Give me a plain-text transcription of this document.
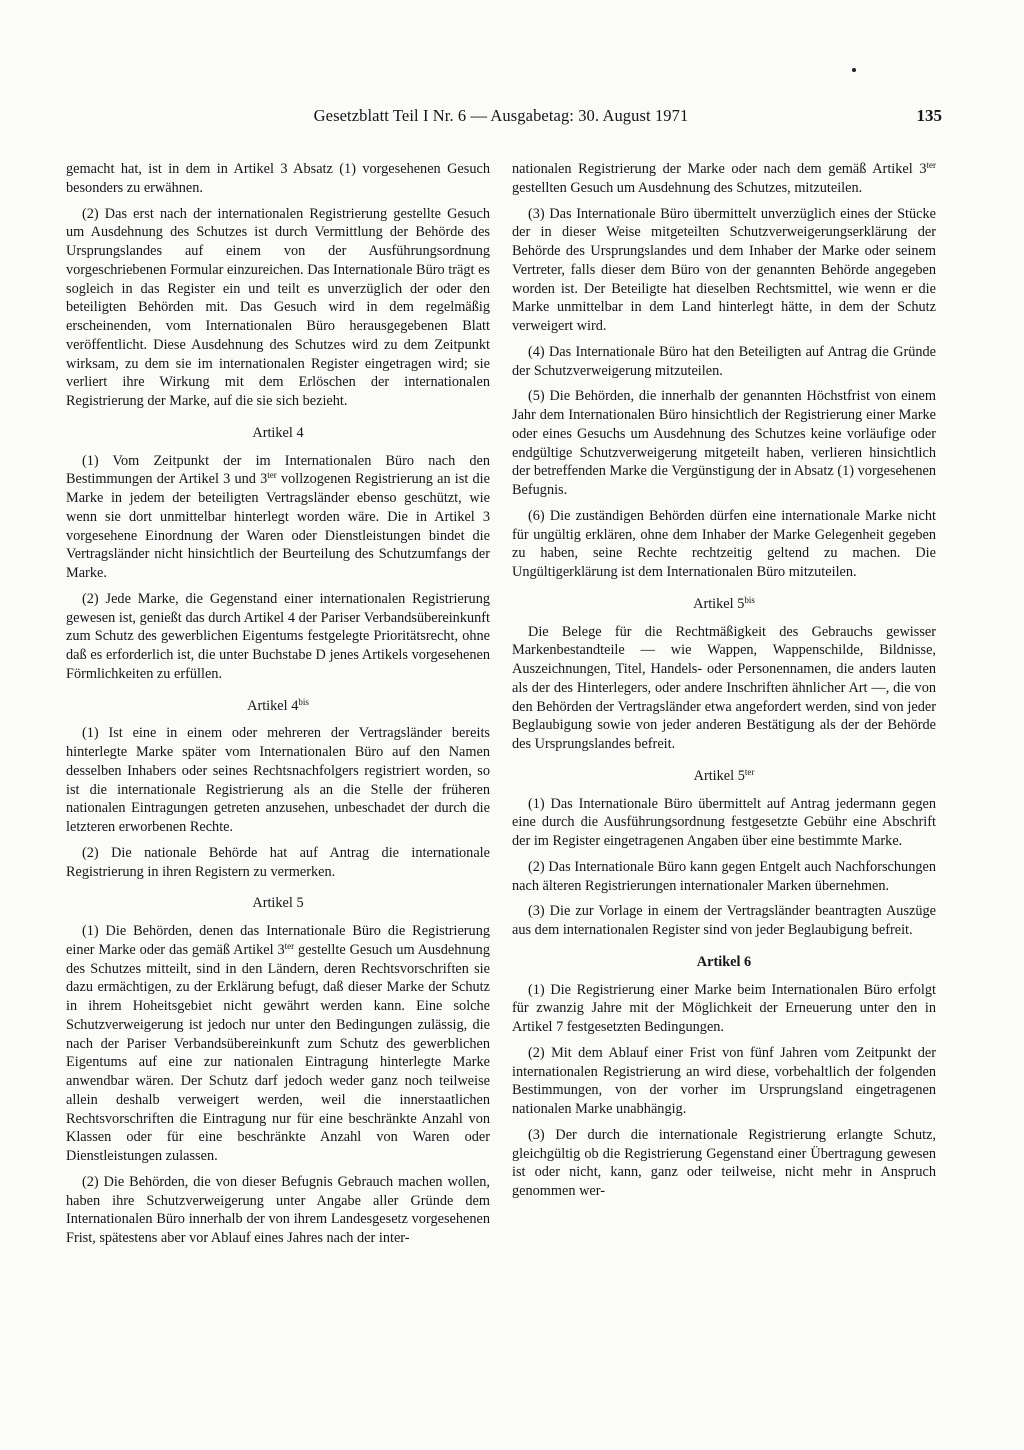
Gesetzblatt Teil I Nr. 6 — Ausgabetag: 30. August 1971	135

gemacht hat, ist in dem in Artikel 3 Absatz (1) vorgesehenen Gesuch besonders zu erwähnen.

(2) Das erst nach der internationalen Registrierung gestellte Gesuch um Ausdehnung des Schutzes ist durch Vermittlung der Behörde des Ursprungslandes auf einem von der Ausführungsordnung vorgeschriebenen Formular einzureichen. Das Internationale Büro trägt es sogleich in das Register ein und teilt es unverzüglich der oder den beteiligten Behörden mit. Das Gesuch wird in dem regelmäßig erscheinenden, vom Internationalen Büro herausgegebenen Blatt veröffentlicht. Diese Ausdehnung des Schutzes wird zu dem Zeitpunkt wirksam, zu dem sie im internationalen Register eingetragen wird; sie verliert ihre Wirkung mit dem Erlöschen der internationalen Registrierung der Marke, auf die sie sich bezieht.

Artikel 4

(1) Vom Zeitpunkt der im Internationalen Büro nach den Bestimmungen der Artikel 3 und $3^{ter}$ vollzogenen Registrierung an ist die Marke in jedem der beteiligten Vertragsländer ebenso geschützt, wie wenn sie dort unmittelbar hinterlegt worden wäre. Die in Artikel 3 vorgesehene Einordnung der Waren oder Dienstleistungen bindet die Vertragsländer nicht hinsichtlich der Beurteilung des Schutzumfangs der Marke.

(2) Jede Marke, die Gegenstand einer internationalen Registrierung gewesen ist, genießt das durch Artikel 4 der Pariser Verbandsübereinkunft zum Schutz des gewerblichen Eigentums festgelegte Prioritätsrecht, ohne daß es erforderlich ist, die unter Buchstabe D jenes Artikels vorgesehenen Förmlichkeiten zu erfüllen.

Artikel $4^{bis}$

(1) Ist eine in einem oder mehreren der Vertragsländer bereits hinterlegte Marke später vom Internationalen Büro auf den Namen desselben Inhabers oder seines Rechtsnachfolgers registriert worden, so ist die internationale Registrierung als an die Stelle der früheren nationalen Eintragungen getreten anzusehen, unbeschadet der durch die letzteren erworbenen Rechte.

(2) Die nationale Behörde hat auf Antrag die internationale Registrierung in ihren Registern zu vermerken.

Artikel 5

(1) Die Behörden, denen das Internationale Büro die Registrierung einer Marke oder das gemäß Artikel $3^{ter}$ gestellte Gesuch um Ausdehnung des Schutzes mitteilt, sind in den Ländern, deren Rechtsvorschriften sie dazu ermächtigen, zu der Erklärung befugt, daß dieser Marke der Schutz in ihrem Hoheitsgebiet nicht gewährt werden kann. Eine solche Schutzverweigerung ist jedoch nur unter den Bedingungen zulässig, die nach der Pariser Verbandsübereinkunft zum Schutz des gewerblichen Eigentums auf eine zur nationalen Eintragung hinterlegte Marke anwendbar wären. Der Schutz darf jedoch weder ganz noch teilweise allein deshalb verweigert werden, weil die innerstaatlichen Rechtsvorschriften die Eintragung nur für eine beschränkte Anzahl von Klassen oder für eine beschränkte Anzahl von Waren oder Dienstleistungen zulassen.

(2) Die Behörden, die von dieser Befugnis Gebrauch machen wollen, haben ihre Schutzverweigerung unter Angabe aller Gründe dem Internationalen Büro innerhalb der von ihrem Landesgesetz vorgesehenen Frist, spätestens aber vor Ablauf eines Jahres nach der inter-

nationalen Registrierung der Marke oder nach dem gemäß Artikel $3^{ter}$ gestellten Gesuch um Ausdehnung des Schutzes, mitzuteilen.

(3) Das Internationale Büro übermittelt unverzüglich eines der Stücke der in dieser Weise mitgeteilten Schutzverweigerungserklärung der Behörde des Ursprungslandes und dem Inhaber der Marke oder seinem Vertreter, falls dieser dem Büro von der genannten Behörde angegeben worden ist. Der Beteiligte hat dieselben Rechtsmittel, wie wenn er die Marke unmittelbar in dem Land hinterlegt hätte, in dem der Schutz verweigert wird.

(4) Das Internationale Büro hat den Beteiligten auf Antrag die Gründe der Schutzverweigerung mitzuteilen.

(5) Die Behörden, die innerhalb der genannten Höchstfrist von einem Jahr dem Internationalen Büro hinsichtlich der Registrierung einer Marke oder eines Gesuchs um Ausdehnung des Schutzes keine vorläufige oder endgültige Schutzverweigerung mitgeteilt haben, verlieren hinsichtlich der betreffenden Marke die Vergünstigung der in Absatz (1) vorgesehenen Befugnis.

(6) Die zuständigen Behörden dürfen eine internationale Marke nicht für ungültig erklären, ohne dem Inhaber der Marke Gelegenheit gegeben zu haben, seine Rechte rechtzeitig geltend zu machen. Die Ungültigerklärung ist dem Internationalen Büro mitzuteilen.

Artikel $5^{bis}$

Die Belege für die Rechtmäßigkeit des Gebrauchs gewisser Markenbestandteile — wie Wappen, Wappenschilde, Bildnisse, Auszeichnungen, Titel, Handels- oder Personennamen, die anders lauten als der des Hinterlegers, oder andere Inschriften ähnlicher Art —, die von den Behörden der Vertragsländer etwa angefordert werden, sind von jeder Beglaubigung sowie von jeder anderen Bestätigung als der der Behörde des Ursprungslandes befreit.

Artikel $5^{ter}$

(1) Das Internationale Büro übermittelt auf Antrag jedermann gegen eine durch die Ausführungsordnung festgesetzte Gebühr eine Abschrift der im Register eingetragenen Angaben über eine bestimmte Marke.

(2) Das Internationale Büro kann gegen Entgelt auch Nachforschungen nach älteren Registrierungen internationaler Marken übernehmen.

(3) Die zur Vorlage in einem der Vertragsländer beantragten Auszüge aus dem internationalen Register sind von jeder Beglaubigung befreit.

Artikel 6

(1) Die Registrierung einer Marke beim Internationalen Büro erfolgt für zwanzig Jahre mit der Möglichkeit der Erneuerung unter den in Artikel 7 festgesetzten Bedingungen.

(2) Mit dem Ablauf einer Frist von fünf Jahren vom Zeitpunkt der internationalen Registrierung an wird diese, vorbehaltlich der folgenden Bestimmungen, von der vorher im Ursprungsland eingetragenen nationalen Marke unabhängig.

(3) Der durch die internationale Registrierung erlangte Schutz, gleichgültig ob die Registrierung Gegenstand einer Übertragung gewesen ist oder nicht, kann, ganz oder teilweise, nicht mehr in Anspruch genommen wer-
